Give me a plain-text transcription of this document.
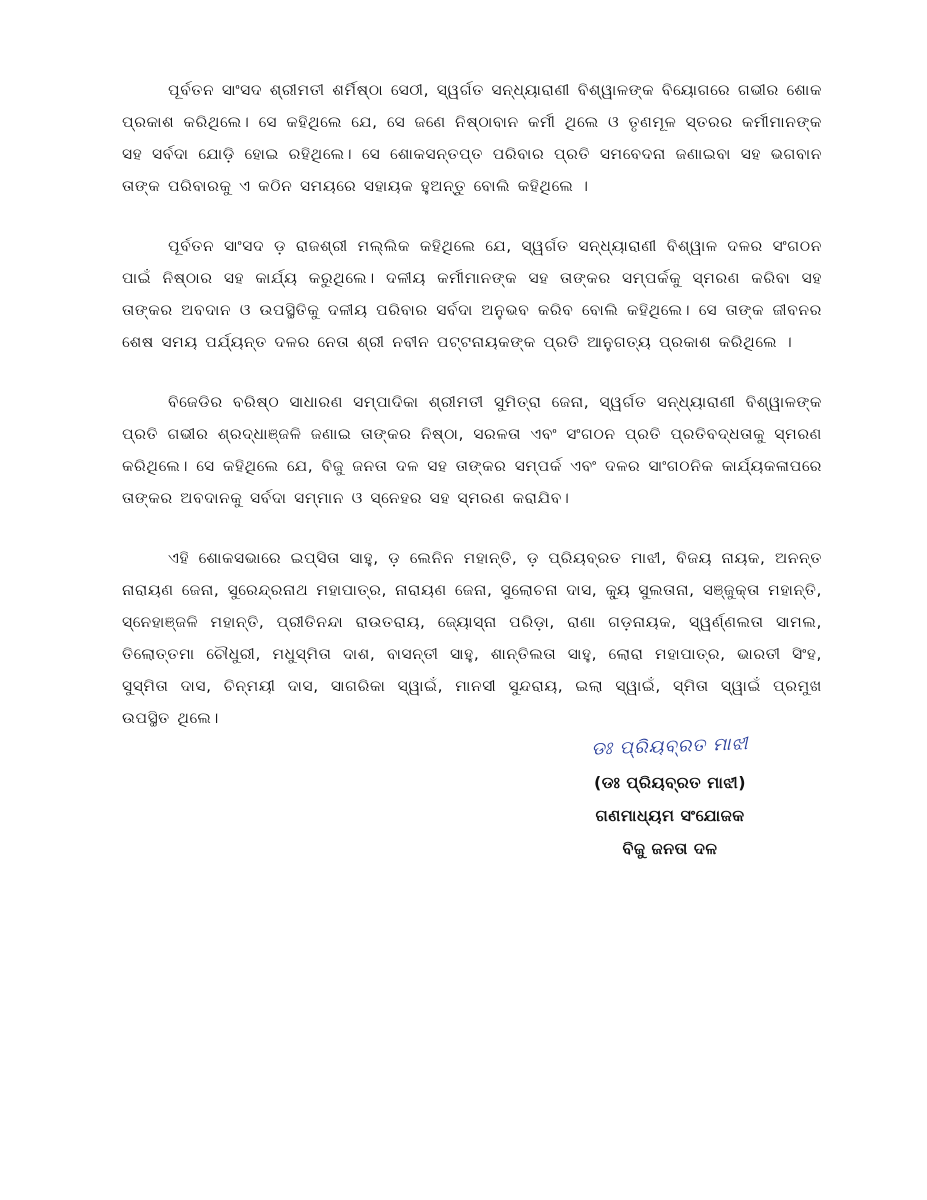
ପୂର୍ବତନ ସାଂସଦ ଶ୍ରୀମତୀ ଶର୍ମିଷ୍ଠା ସେଠୀ, ସ୍ୱର୍ଗତ ସନ୍ଧ୍ୟାରାଣୀ ବିଶ୍ୱାଳଙ୍କ ବିୟୋଗରେ ଗଭୀର ଶୋକ ପ୍ରକାଶ କରିଥିଲେ। ସେ କହିଥିଲେ ଯେ, ସେ ଜଣେ ନିଷ୍ଠାବାନ କର୍ମୀ ଥିଲେ ଓ ତୃଣମୂଳ ସ୍ତରର କର୍ମୀମାନଙ୍କ ସହ ସର୍ବଦା ଯୋଡ଼ି ହୋଇ ରହିଥିଲେ। ସେ ଶୋକସନ୍ତପ୍ତ ପରିବାର ପ୍ରତି ସମବେଦନା ଜଣାଇବା ସହ ଭଗବାନ ତାଙ୍କ ପରିବାରକୁ ଏ କଠିନ ସମୟରେ ସହାୟକ ହୁଅନ୍ତୁ ବୋଲି କହିଥିଲେ ।

ପୂର୍ବତନ ସାଂସଦ ଡ଼ ରାଜଶ୍ରୀ ମଲ୍ଲିକ କହିଥିଲେ ଯେ, ସ୍ୱର୍ଗତ ସନ୍ଧ୍ୟାରାଣୀ ବିଶ୍ୱାଳ ଦଳର ସଂଗଠନ ପାଇଁ ନିଷ୍ଠାର ସହ କାର୍ଯ୍ୟ କରୁଥିଲେ। ଦଳୀୟ କର୍ମୀମାନଙ୍କ ସହ ତାଙ୍କର ସମ୍ପର୍କକୁ ସ୍ମରଣ କରିବା ସହ ତାଙ୍କର ଅବଦାନ ଓ ଉପସ୍ଥିତିକୁ ଦଳୀୟ ପରିବାର ସର୍ବଦା ଅନୁଭବ କରିବ ବୋଲି କହିଥିଲେ। ସେ ତାଙ୍କ ଜୀବନର ଶେଷ ସମୟ ପର୍ଯ୍ୟନ୍ତ ଦଳର ନେତା ଶ୍ରୀ ନବୀନ ପଟ୍ଟନାୟକଙ୍କ ପ୍ରତି ଆନୁଗତ୍ୟ ପ୍ରକାଶ କରିଥିଲେ ।

ବିଜେଡିର ବରିଷ୍ଠ ସାଧାରଣ ସମ୍ପାଦିକା ଶ୍ରୀମତୀ ସୁମିତ୍ରା ଜେନା, ସ୍ୱର୍ଗତ ସନ୍ଧ୍ୟାରାଣୀ ବିଶ୍ୱାଳଙ୍କ ପ୍ରତି ଗଭୀର ଶ୍ରଦ୍ଧାଞ୍ଜଳି ଜଣାଇ ତାଙ୍କର ନିଷ୍ଠା, ସରଳତା ଏବଂ ସଂଗଠନ ପ୍ରତି ପ୍ରତିବଦ୍ଧତାକୁ ସ୍ମରଣ କରିଥିଲେ। ସେ କହିଥିଲେ ଯେ, ବିଜୁ ଜନତା ଦଳ ସହ ତାଙ୍କର ସମ୍ପର୍କ ଏବଂ ଦଳର ସାଂଗଠନିକ କାର୍ଯ୍ୟକଳାପରେ ତାଙ୍କର ଅବଦାନକୁ ସର୍ବଦା ସମ୍ମାନ ଓ ସ୍ନେହର ସହ ସ୍ମରଣ କରାଯିବ।

ଏହି ଶୋକସଭାରେ ଇପ୍ସିତା ସାହୁ, ଡ଼ ଲେନିନ ମହାନ୍ତି, ଡ଼ ପ୍ରିୟବ୍ରତ ମାଝୀ, ବିଜୟ ନାୟକ, ଅନନ୍ତ ନାରାୟଣ ଜେନା, ସୁରେନ୍ଦ୍ରନାଥ ମହାପାତ୍ର, ନାରାୟଣ ଜେନା, ସୁଲୋଚନା ଦାସ, କ୍ୟୁ ସୁଲତାନା, ସଞ୍ଜୁକ୍ତା ମହାନ୍ତି, ସ୍ନେହାଞ୍ଜଳି ମହାନ୍ତି, ପ୍ରୀତିନନ୍ଦା ରାଉତରାୟ, ଜ୍ୟୋସ୍ନା ପରିଡ଼ା, ରାଣା ଗଡ଼ନାୟକ, ସ୍ୱର୍ଣ୍ଣଲତା ସାମଲ, ତିଲୋତ୍ତମା ଚୌଧୁରୀ, ମଧୁସ୍ମିତା ଦାଶ, ବାସନ୍ତୀ ସାହୁ, ଶାନ୍ତିଲତା ସାହୁ, ଲୋରା ମହାପାତ୍ର, ଭାରତୀ ସିଂହ, ସୁସ୍ମିତା ଦାସ, ଚିନ୍ମୟୀ ଦାସ, ସାଗରିକା ସ୍ୱାଇଁ, ମାନସୀ ସୁନ୍ଦରାୟ, ଇଲା ସ୍ୱାଇଁ, ସ୍ମିତା ସ୍ୱାଇଁ ପ୍ରମୁଖ ଉପସ୍ଥିତ ଥିଲେ।

ଡଃ ପ୍ରିୟବ୍ରତ ମାଝୀ
(ଡଃ ପ୍ରିୟବ୍ରତ ମାଝୀ)
ଗଣମାଧ୍ୟମ ସଂଯୋଜକ
ବିଜୁ ଜନତା ଦଳ
